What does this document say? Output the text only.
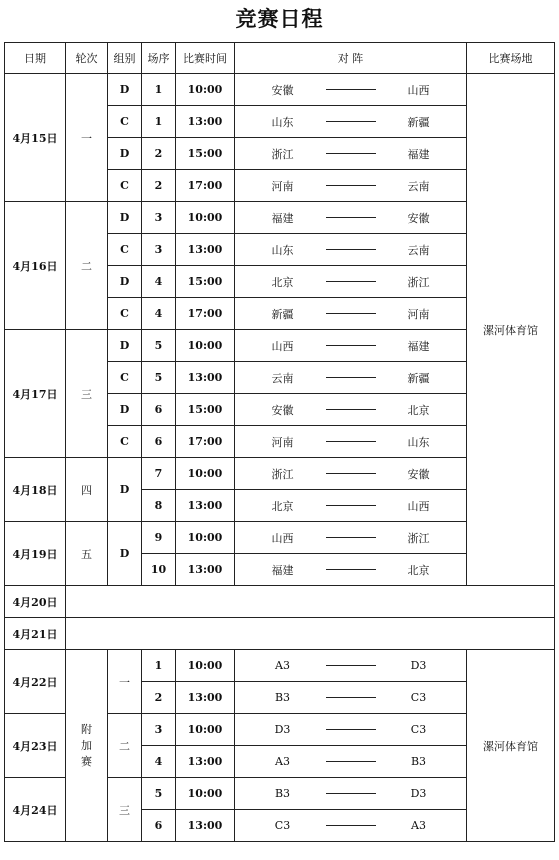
竞赛日程
日期	轮次	组别	场序	比赛时间	对 阵	比赛场地
4月15日	一	D	1	10:00	安徽 山西	漯河体育馆
		C	1	13:00	山东 新疆	

		D	2	15:00	浙江 福建	

		C	2	17:00	河南 云南	

4月16日	二	D	3	10:00	福建 安徽	

		C	3	13:00	山东 云南	

		D	4	15:00	北京 浙江	

		C	4	17:00	新疆 河南	

4月17日	三	D	5	10:00	山西 福建	

		C	5	13:00	云南 新疆	

		D	6	15:00	安徽 北京	

		C	6	17:00	河南 山东	

4月18日	四	D	7	10:00	浙江 安徽	

			8	13:00	北京 山西	

4月19日	五	D	9	10:00	山西 浙江	

			10	13:00	福建 北京	

4月20日						
4月21日						
4月22日	附加赛	一	1	10:00	A3 D3	漯河体育馆
			2	13:00	B3 C3	

4月23日		二	3	10:00	D3 C3	

			4	13:00	A3 B3	

4月24日		三	5	10:00	B3 D3	

			6	13:00	C3 A3	
